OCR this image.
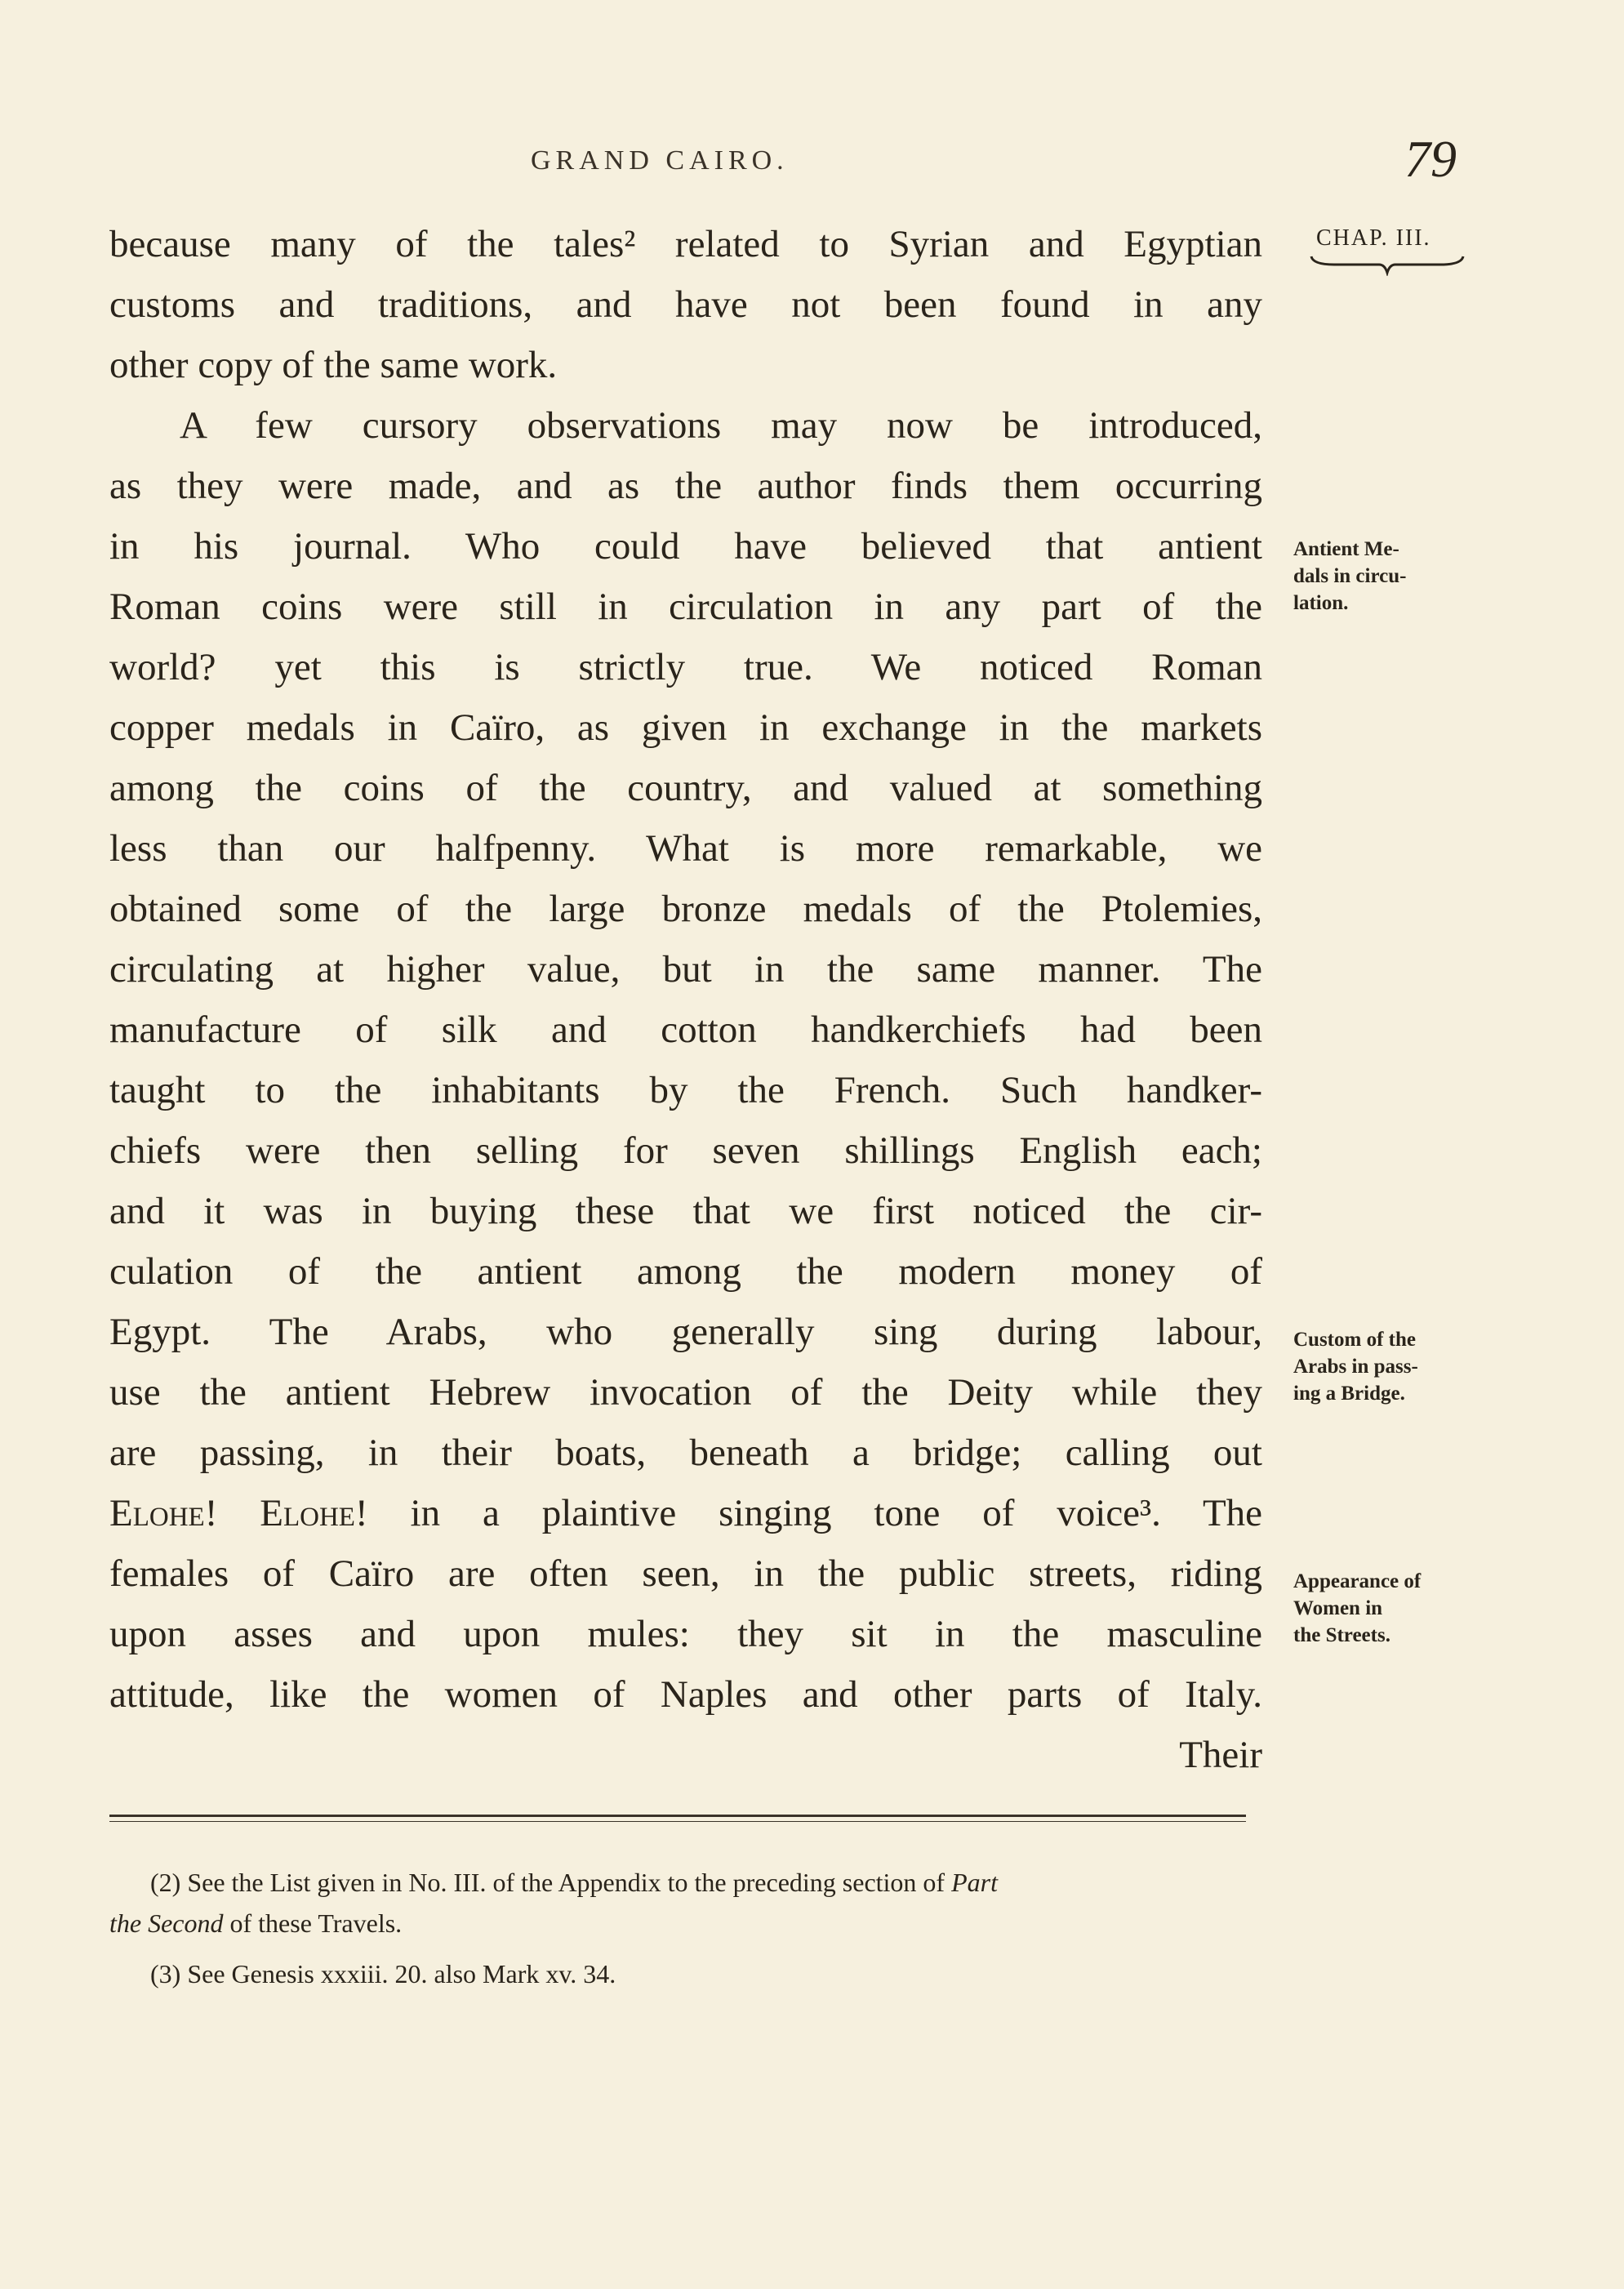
GRAND CAIRO.	79
CHAP. III.
because many of the tales² related to Syrian and Egyptian
customs and traditions, and have not been found in any
other copy of the same work.
A few cursory observations may now be introduced,
as they were made, and as the author finds them occurring
in his journal. Who could have believed that antient
Roman coins were still in circulation in any part of the
world? yet this is strictly true. We noticed Roman
copper medals in Caïro, as given in exchange in the markets
among the coins of the country, and valued at something
less than our halfpenny. What is more remarkable, we
obtained some of the large bronze medals of the Ptolemies,
circulating at higher value, but in the same manner. The
manufacture of silk and cotton handkerchiefs had been
taught to the inhabitants by the French. Such handker-
chiefs were then selling for seven shillings English each;
and it was in buying these that we first noticed the cir-
culation of the antient among the modern money of
Egypt. The Arabs, who generally sing during labour,
use the antient Hebrew invocation of the Deity while they
are passing, in their boats, beneath a bridge; calling out
Elohe! Elohe! in a plaintive singing tone of voice³. The
females of Caïro are often seen, in the public streets, riding
upon asses and upon mules: they sit in the masculine
attitude, like the women of Naples and other parts of Italy.
Their
Antient Me-
dals in circu-
lation.
Custom of the
Arabs in pass-
ing a Bridge.
Appearance of
Women in
the Streets.
(2) See the List given in No. III. of the Appendix to the preceding section of Part
the Second of these Travels.
(3) See Genesis xxxiii. 20. also Mark xv. 34.
